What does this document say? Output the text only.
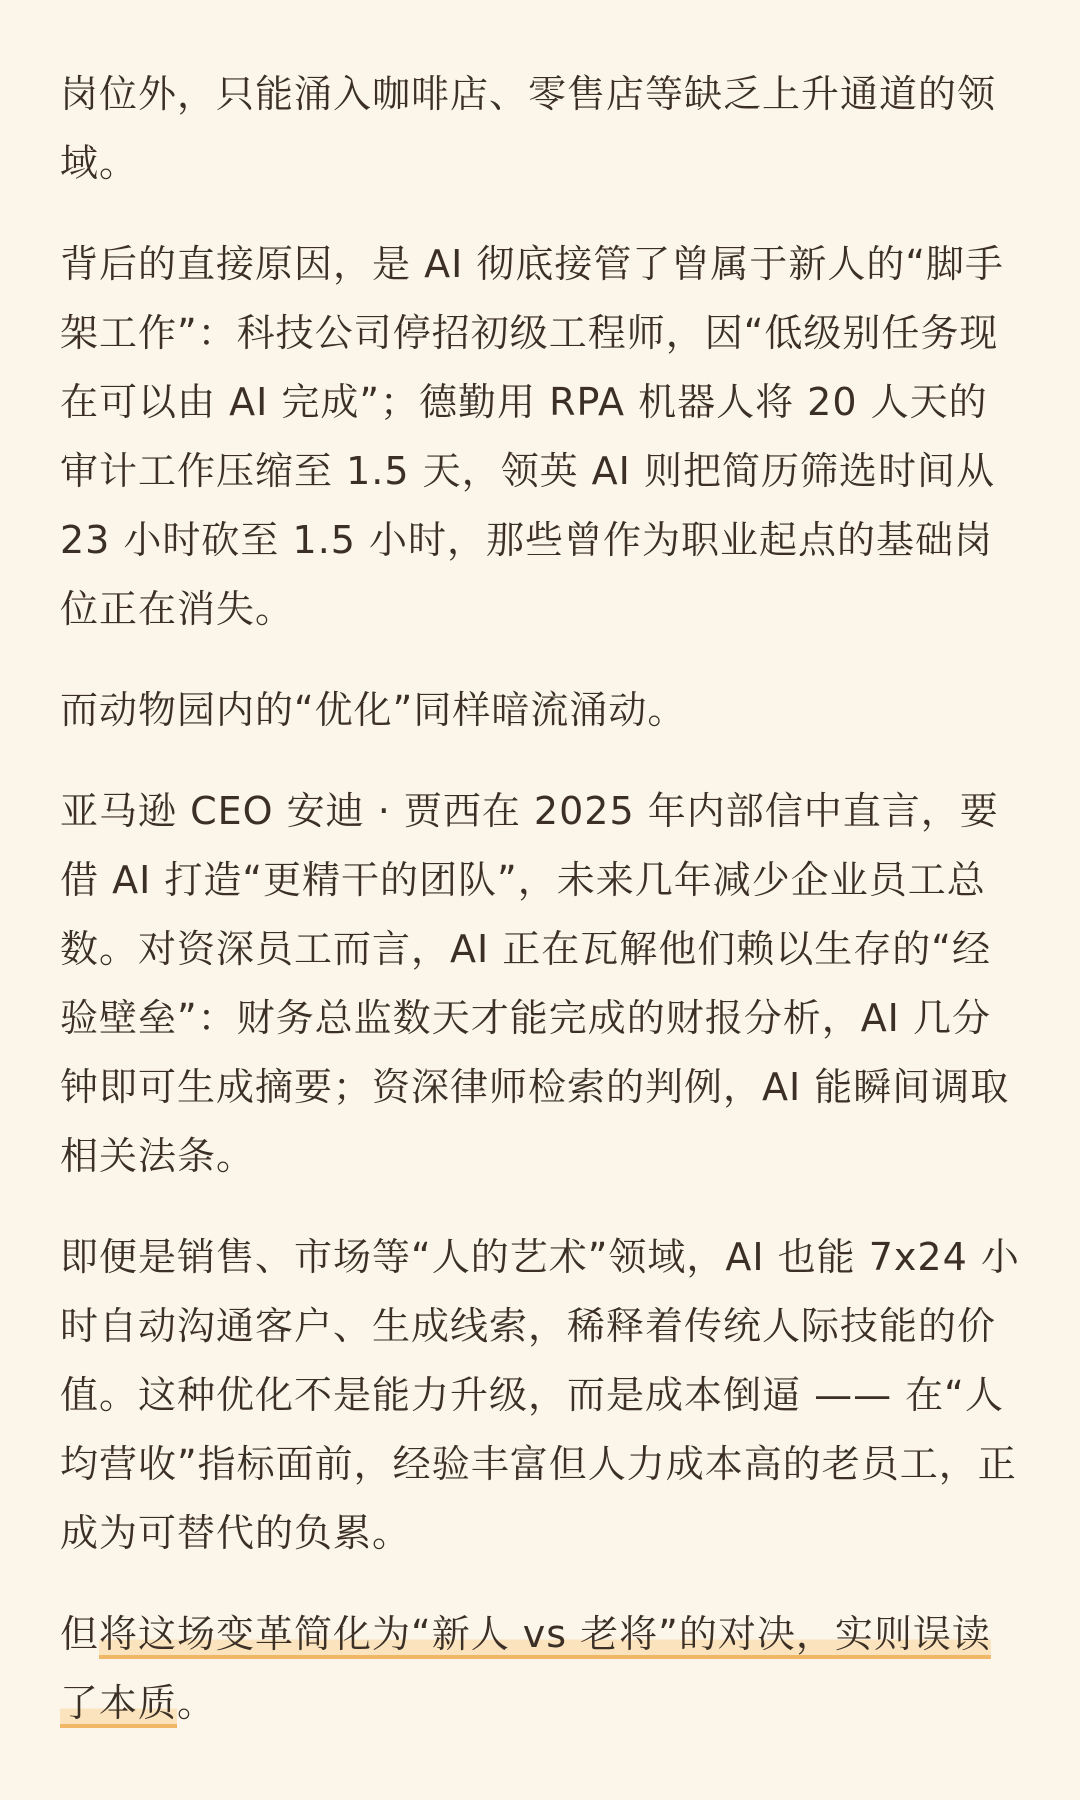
岗位外，只能涌入咖啡店、零售店等缺乏上升通道的领域。

背后的直接原因，是 AI 彻底接管了曾属于新人的“脚手架工作”：科技公司停招初级工程师，因“低级别任务现在可以由 AI 完成”；德勤用 RPA 机器人将 20 人天的审计工作压缩至 1.5 天，领英 AI 则把简历筛选时间从 23 小时砍至 1.5 小时，那些曾作为职业起点的基础岗位正在消失。

而动物园内的“优化”同样暗流涌动。

亚马逊 CEO 安迪 · 贾西在 2025 年内部信中直言，要借 AI 打造“更精干的团队”，未来几年减少企业员工总数。对资深员工而言，AI 正在瓦解他们赖以生存的“经验壁垒”：财务总监数天才能完成的财报分析，AI 几分钟即可生成摘要；资深律师检索的判例，AI 能瞬间调取相关法条。

即便是销售、市场等“人的艺术”领域，AI 也能 7x24 小时自动沟通客户、生成线索，稀释着传统人际技能的价值。这种优化不是能力升级，而是成本倒逼 —— 在“人均营收”指标面前，经验丰富但人力成本高的老员工，正成为可替代的负累。

但将这场变革简化为“新人 vs 老将”的对决，实则误读了本质。
